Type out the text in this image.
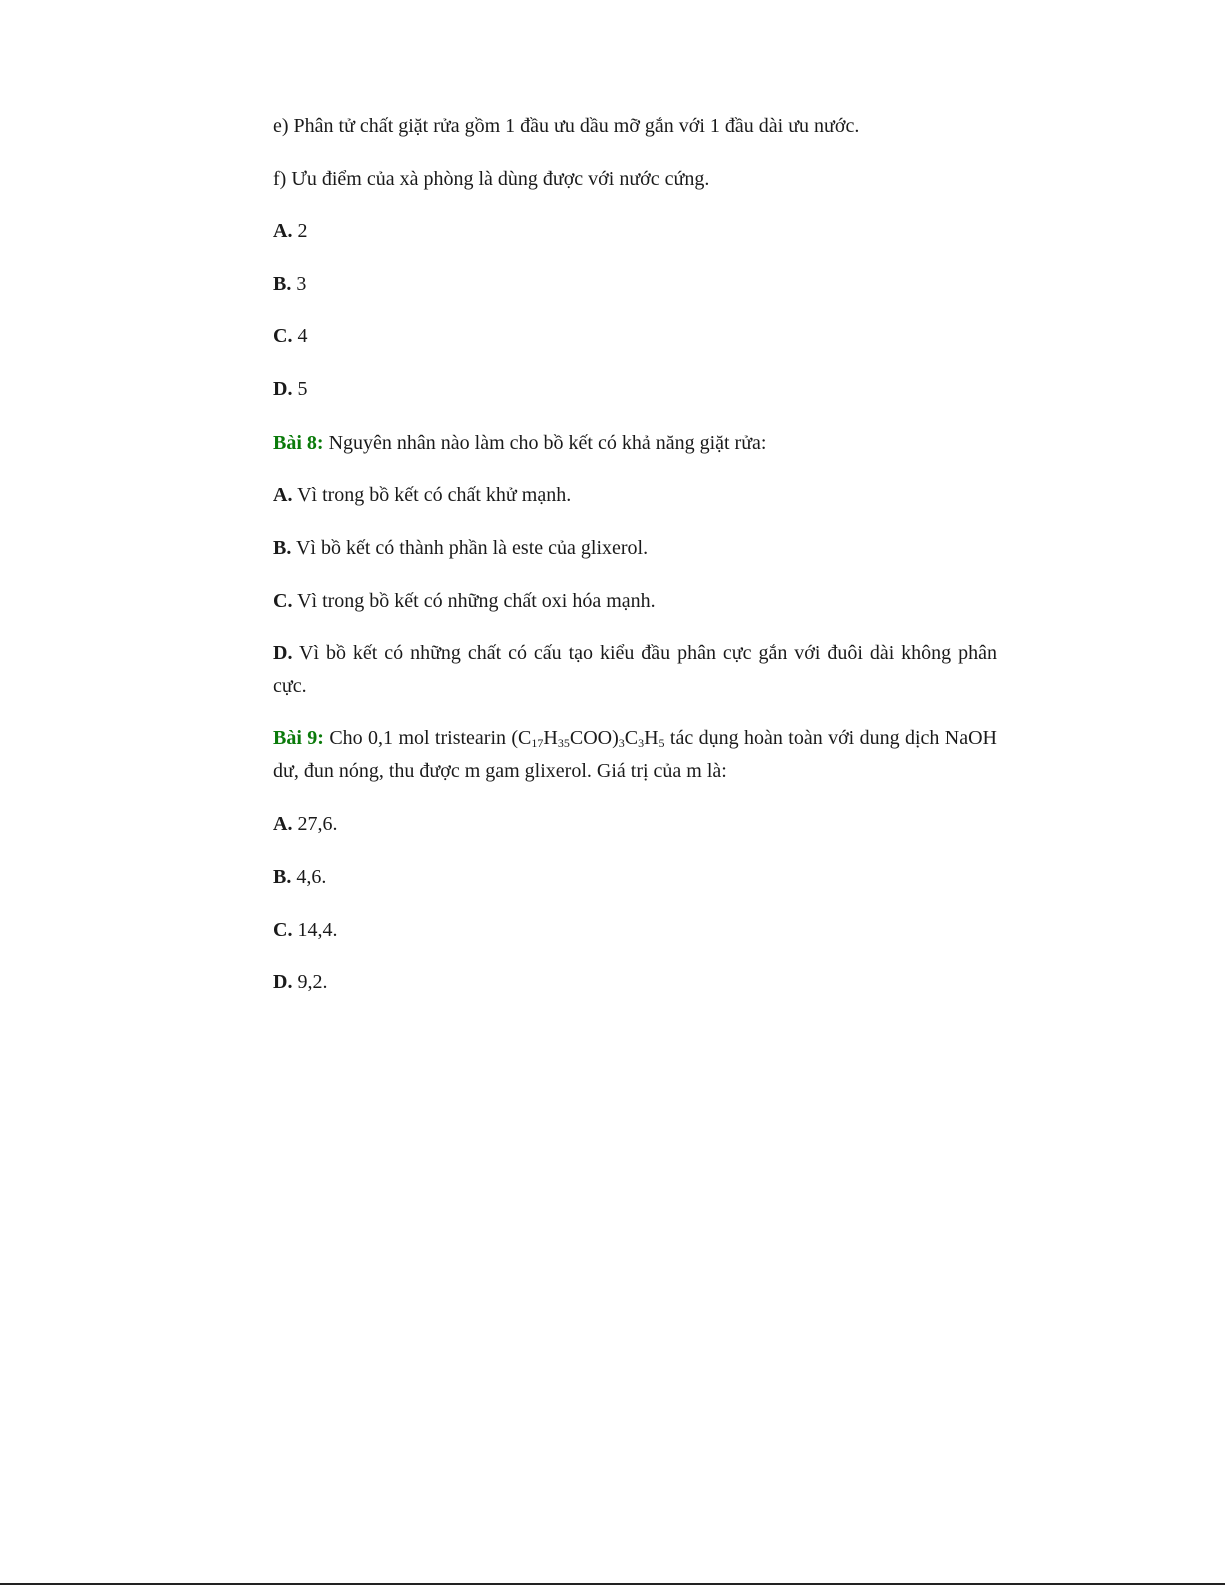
e) Phân tử chất giặt rửa gồm 1 đầu ưu dầu mỡ gắn với 1 đầu dài ưu nước.
f) Ưu điểm của xà phòng là dùng được với nước cứng.
A. 2
B. 3
C. 4
D. 5
Bài 8: Nguyên nhân nào làm cho bồ kết có khả năng giặt rửa:
A. Vì trong bồ kết có chất khử mạnh.
B. Vì bồ kết có thành phần là este của glixerol.
C. Vì trong bồ kết có những chất oxi hóa mạnh.
D. Vì bồ kết có những chất có cấu tạo kiểu đầu phân cực gắn với đuôi dài không phân cực.
Bài 9: Cho 0,1 mol tristearin $(C_{17}H_{35}COO)_3C_3H_5$ tác dụng hoàn toàn với dung dịch NaOH dư, đun nóng, thu được m gam glixerol. Giá trị của m là:
A. 27,6.
B. 4,6.
C. 14,4.
D. 9,2.
